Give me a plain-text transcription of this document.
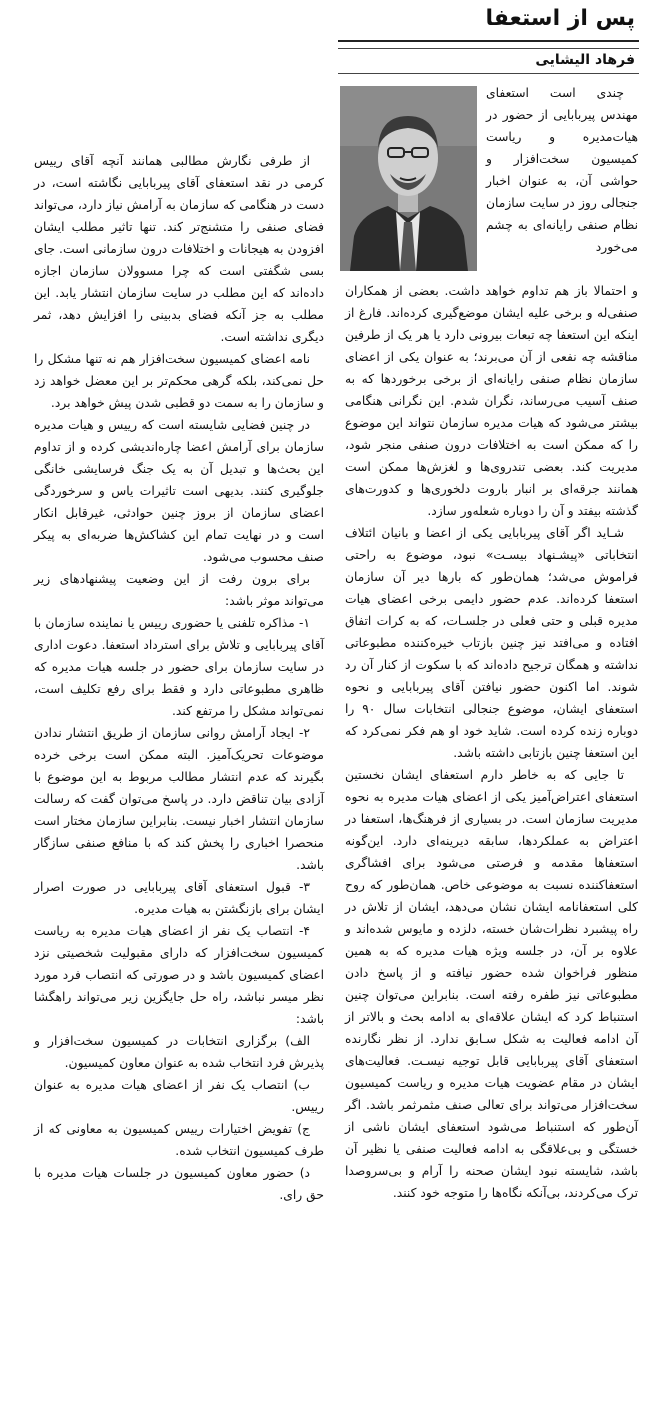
پس از استعفا
فرهاد الیشایی

چندی است استعفای مهندس پیربابایی از حضور در هیات‌مدیره و ریاست کمیسیون سخت‌افزار و حواشی آن، به عنوان اخبار جنجالی روز در سایت سازمان نظام صنفی رایانه‌ای به چشم می‌خورد

و احتمالا باز هم تداوم خواهد داشت. بعضی از همکاران صنفی‌له و برخی علیه ایشان موضع‌گیری کرده‌اند. فارغ از اینکه این استعفا چه تبعات بیرونی دارد یا هر یک از طرفین مناقشه چه نفعی از آن می‌برند؛ به عنوان یکی از اعضای سازمان نظام صنفی رایانه‌ای از برخی برخوردها که به صنف آسیب می‌رساند، نگران شدم. این نگرانی هنگامی بیشتر می‌شود که هیات مدیره سازمان نتواند این موضوع را که ممکن است به اختلافات درون صنفی منجر شود، مدیریت کند. بعضی تندروی‌ها و لغزش‌ها ممکن است همانند جرقه‌ای بر انبار باروت دلخوری‌ها و کدورت‌های گذشته بیفتد و آن را دوباره شعله‌ور سازد.

شـاید اگر آقای پیربابایی یکی از اعضا و بانیان ائتلاف انتخاباتی «پیشـنهاد بیسـت» نبود، موضوع به راحتی فراموش می‌شد؛ همان‌طور که بارها دیر آن سازمان استعفا کرده‌اند. عدم حضور دایمی برخی اعضای هیات مدیره قبلی و حتی فعلی در جلسـات، که به کرات اتفاق افتاده و می‌افتد نیز چنین بازتاب خیره‌کننده مطبوعاتی نداشته و همگان ترجیح داده‌اند که با سکوت از کنار آن رد شوند. اما اکنون حضور نیافتن آقای پیربابایی و نحوه استعفای ایشان، موضوع جنجالی انتخابات سال ۹۰ را دوباره زنده کرده است. شاید خود او هم فکر نمی‌کرد که این استعفا چنین بازتابی داشته باشد.

تا جایی که به خاطر دارم استعفای ایشان نخستین استعفای اعتراض‌آمیز یکی از اعضای هیات مدیره به نحوه مدیریت سازمان است. در بسیاری از فرهنگ‌ها، استعفا در اعتراض به عملکردها، سابقه دیرینه‌ای دارد. این‌گونه استعفاها مقدمه و فرصتی می‌شود برای افشاگری استعفاکننده نسبت به موضوعی خاص. همان‌طور که روح کلی استعفانامه ایشان نشان می‌دهد، ایشان از تلاش در راه پیشبرد نظرات‌شان خسته، دلزده و مایوس شده‌اند و علاوه بر آن، در جلسه ویژه هیات مدیره که به همین منظور فراخوان شده حضور نیافته و از پاسخ دادن مطبوعاتی نیز طفره رفته است. بنابراین می‌توان چنین استنباط کرد که ایشان علاقه‌ای به ادامه بحث و بالاتر از آن ادامه فعالیت به شکل سـابق ندارد. از نظر نگارنده استعفای آقای پیربابایی قابل توجیه نیسـت. فعالیت‌های ایشان در مقام عضویت هیات مدیره و ریاست کمیسیون سخت‌افزار می‌تواند برای تعالی صنف مثمرثمر باشد. اگر آن‌طور که استنباط می‌شود استعفای ایشان ناشی از خستگی و بی‌علاقگی به ادامه فعالیت صنفی یا نظیر آن باشد، شایسته نبود ایشان صحنه را آرام و بی‌سروصدا ترک می‌کردند، بی‌آنکه نگاه‌ها را متوجه خود کنند.

از طرفی نگارش مطالبی همانند آنچه آقای رییس کرمی در نقد استعفای آقای پیربابایی نگاشته است، در دست در هنگامی که سازمان به آرامش نیاز دارد، می‌تواند فضای صنفی را متشنج‌تر کند. تنها تاثیر مطلب ایشان افزودن به هیجانات و اختلافات درون سازمانی است. جای بسی شگفتی است که چرا مسوولان سازمان اجازه داده‌اند که این مطلب در سایت سازمان انتشار یابد. این مطلب به جز آنکه فضای بدبینی را افزایش دهد، ثمر دیگری نداشته است.

نامه اعضای کمیسیون سخت‌افزار هم نه تنها مشکل را حل نمی‌کند، بلکه گرهی محکم‌تر بر این معضل خواهد زد و سازمان را به سمت دو قطبی شدن پیش خواهد برد.

در چنین فضایی شایسته است که رییس و هیات مدیره سازمان برای آرامش اعضا چاره‌اندیشی کرده و از تداوم این بحث‌ها و تبدیل آن به یک جنگ فرسایشی خانگی جلوگیری کنند. بدیهی است تاثیرات یاس و سرخوردگی اعضای سازمان از بروز چنین حوادثی، غیرقابل انکار است و در نهایت تمام این کشاکش‌ها ضربه‌ای به پیکر صنف محسوب می‌شود.

برای برون رفت از این وضعیت پیشنهادهای زیر می‌تواند موثر باشد:

۱- مذاکره تلفنی یا حضوری رییس یا نماینده سازمان با آقای پیربابایی و تلاش برای استرداد استعفا. دعوت اداری در سایت سازمان برای حضور در جلسه هیات مدیره که ظاهری مطبوعاتی دارد و فقط برای رفع تکلیف است، نمی‌تواند مشکل را مرتفع کند.

۲- ایجاد آرامش روانی سازمان از طریق انتشار ندادن موضوعات تحریک‌آمیز. البته ممکن است برخی خرده بگیرند که عدم انتشار مطالب مربوط به این موضوع با آزادی بیان تناقض دارد. در پاسخ می‌توان گفت که رسالت سازمان انتشار اخبار نیست. بنابراین سازمان مختار است منحصرا اخباری را پخش کند که با منافع صنفی سازگار باشد.

۳- قبول استعفای آقای پیربابایی در صورت اصرار ایشان برای بازنگشتن به هیات مدیره.

۴- انتصاب یک نفر از اعضای هیات مدیره به ریاست کمیسیون سخت‌افزار که دارای مقبولیت شخصیتی نزد اعضای کمیسیون باشد و در صورتی که انتصاب فرد مورد نظر میسر نباشد، راه حل جایگزین زیر می‌تواند راهگشا باشد:

الف) برگزاری انتخابات در کمیسیون سخت‌افزار و پذیرش فرد انتخاب شده به عنوان معاون کمیسیون.

ب) انتصاب یک نفر از اعضای هیات مدیره به عنوان رییس.

ج) تفویض اختیارات رییس کمیسیون به معاونی که از طرف کمیسیون انتخاب شده.

د) حضور معاون کمیسیون در جلسات هیات مدیره با حق رای.
